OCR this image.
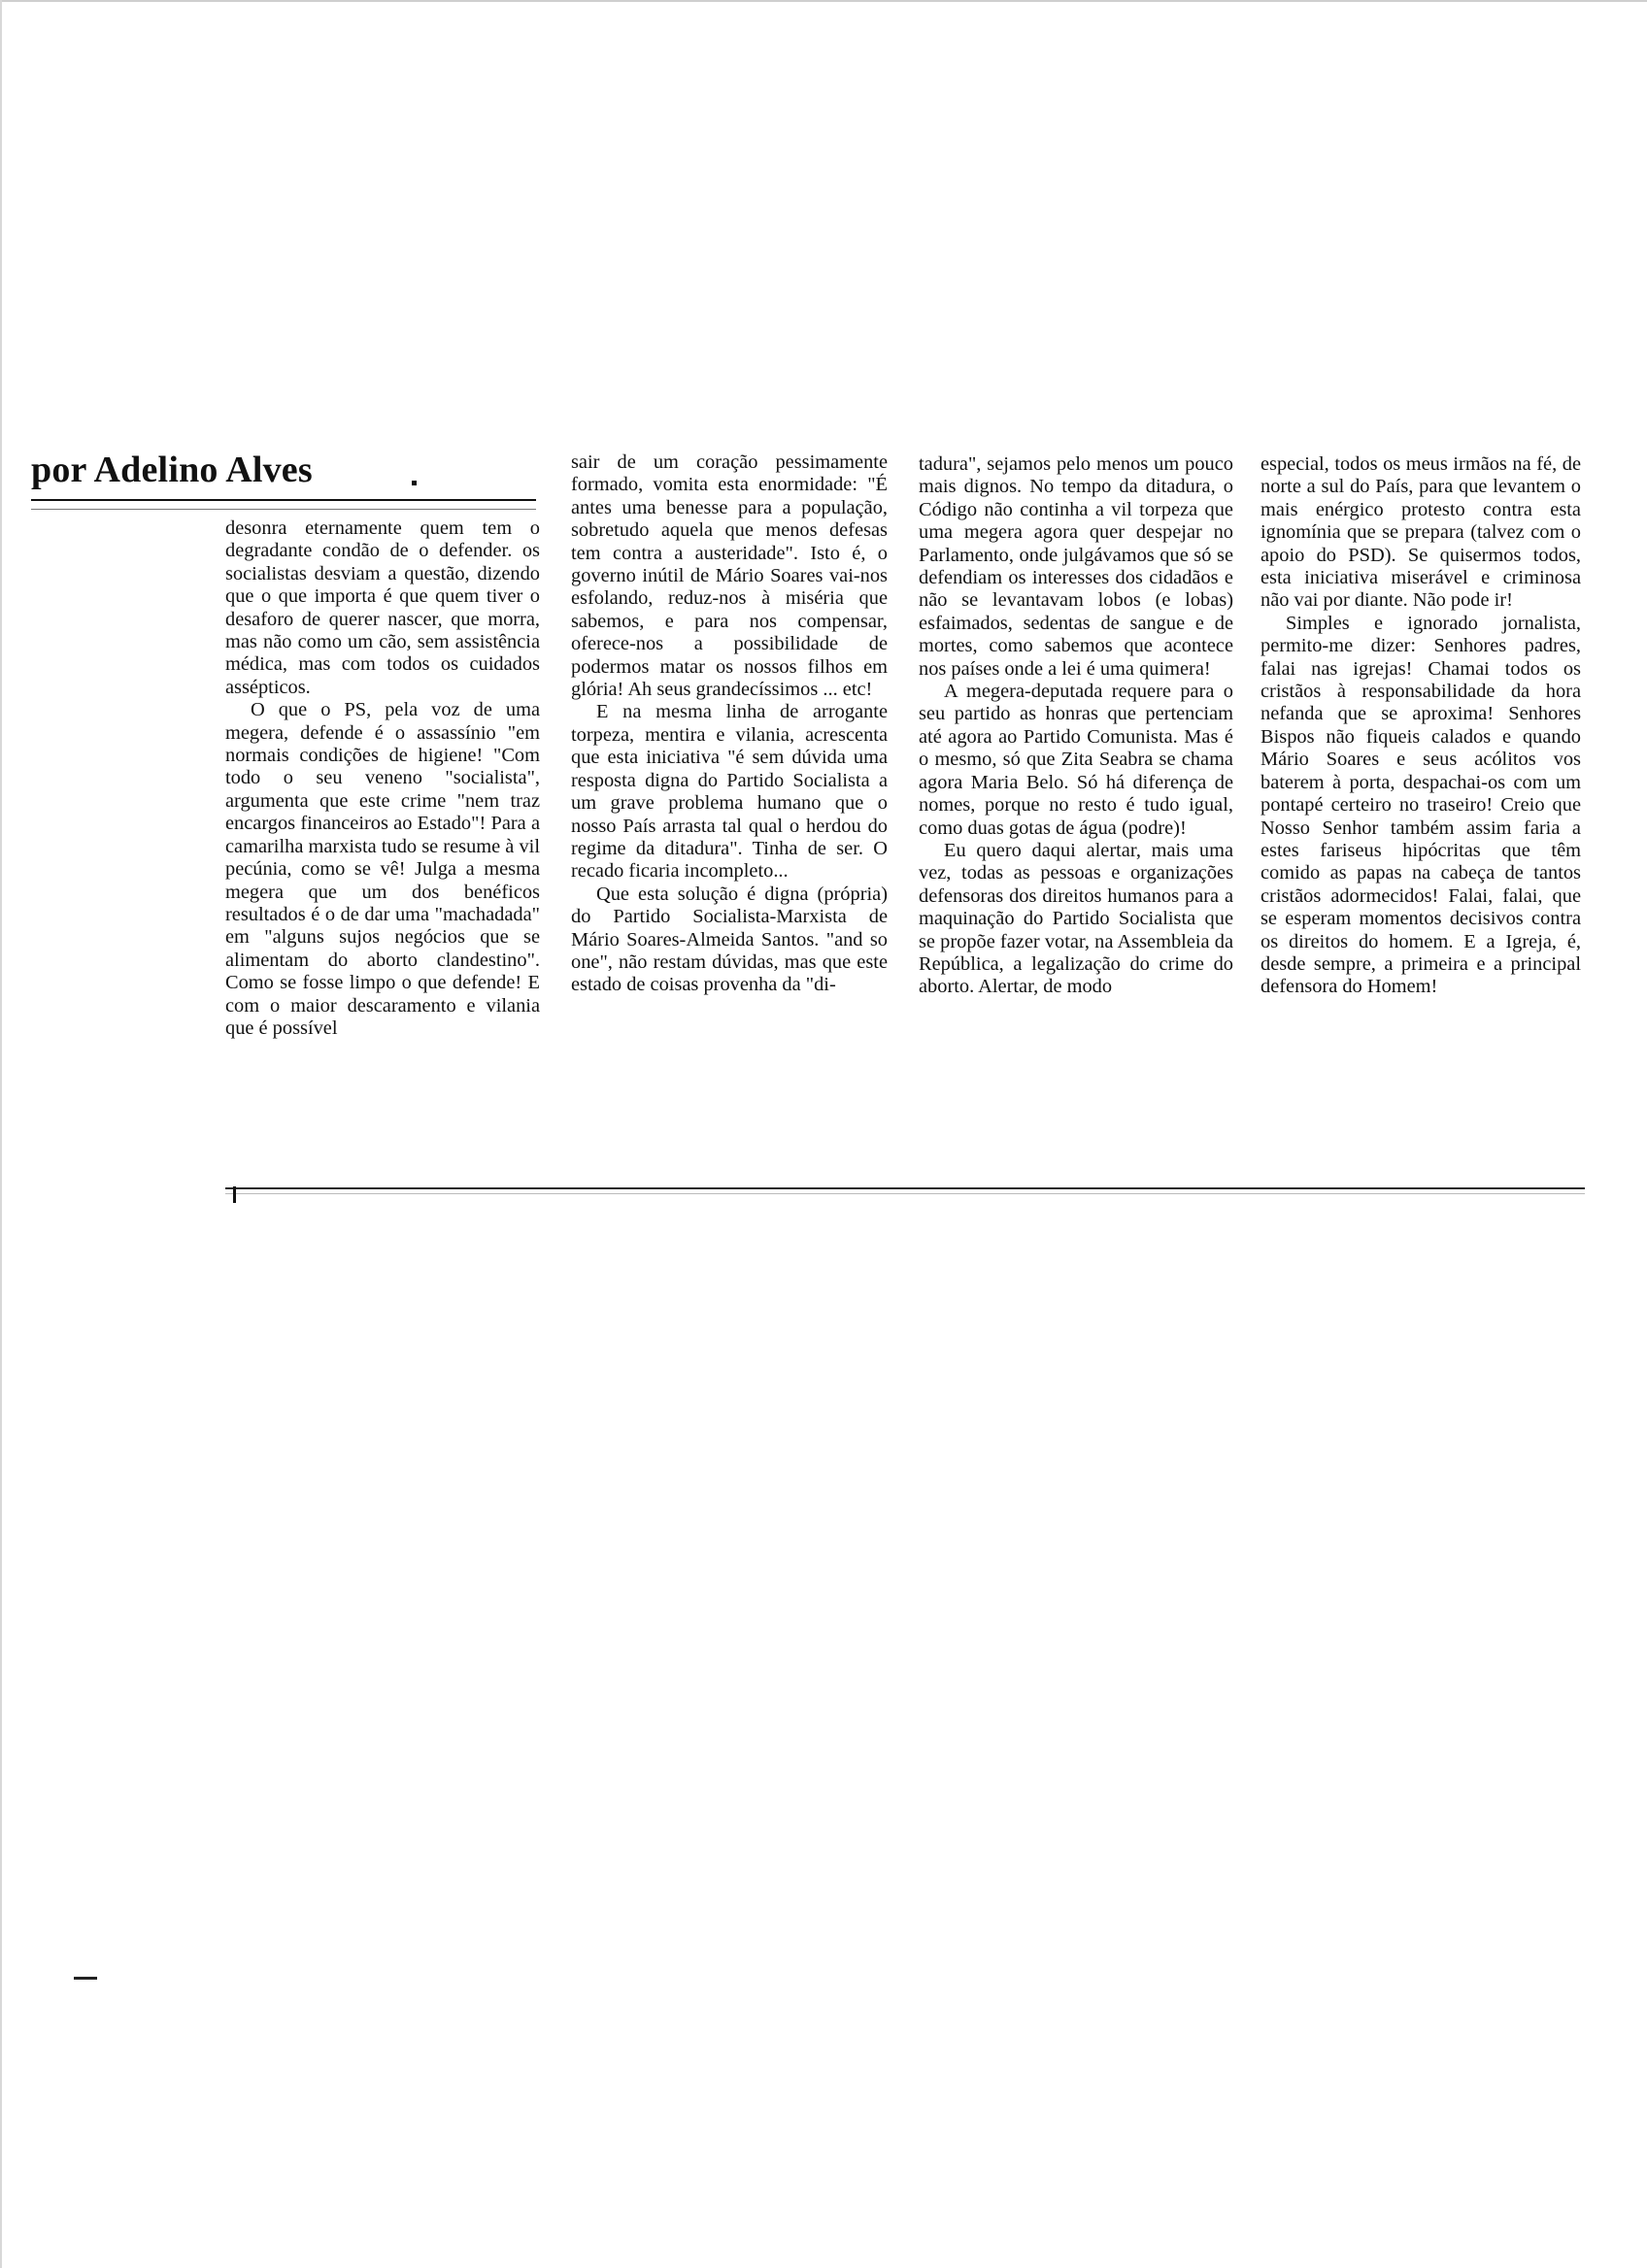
por Adelino Alves

desonra eternamente quem tem o degradante condão de o defender. os socialistas desviam a questão, dizendo que o que importa é que quem tiver o desaforo de querer nascer, que morra, mas não como um cão, sem assistência médica, mas com todos os cuidados assépticos.

O que o PS, pela voz de uma megera, defende é o assassínio "em normais condições de higiene! "Com todo o seu veneno "socialista", argumenta que este crime "nem traz encargos financeiros ao Estado"! Para a camarilha marxista tudo se resume à vil pecúnia, como se vê! Julga a mesma megera que um dos benéficos resultados é o de dar uma "machadada" em "alguns sujos negócios que se alimentam do aborto clandestino". Como se fosse limpo o que defende! E com o maior descaramento e vilania que é possível

sair de um coração pessimamente formado, vomita esta enormidade: "É antes uma benesse para a população, sobretudo aquela que menos defesas tem contra a austeridade". Isto é, o governo inútil de Mário Soares vai-nos esfolando, reduz-nos à miséria que sabemos, e para nos compensar, oferece-nos a possibilidade de podermos matar os nossos filhos em glória! Ah seus grandecíssimos ... etc!

E na mesma linha de arrogante torpeza, mentira e vilania, acrescenta que esta iniciativa "é sem dúvida uma resposta digna do Partido Socialista a um grave problema humano que o nosso País arrasta tal qual o herdou do regime da ditadura". Tinha de ser. O recado ficaria incompleto...

Que esta solução é digna (própria) do Partido Socialista-Marxista de Mário Soares-Almeida Santos. "and so one", não restam dúvidas, mas que este estado de coisas provenha da "di-

tadura", sejamos pelo menos um pouco mais dignos. No tempo da ditadura, o Código não continha a vil torpeza que uma megera agora quer despejar no Parlamento, onde julgávamos que só se defendiam os interesses dos cidadãos e não se levantavam lobos (e lobas) esfaimados, sedentas de sangue e de mortes, como sabemos que acontece nos países onde a lei é uma quimera!

A megera-deputada requere para o seu partido as honras que pertenciam até agora ao Partido Comunista. Mas é o mesmo, só que Zita Seabra se chama agora Maria Belo. Só há diferença de nomes, porque no resto é tudo igual, como duas gotas de água (podre)!

Eu quero daqui alertar, mais uma vez, todas as pessoas e organizações defensoras dos direitos humanos para a maquinação do Partido Socialista que se propõe fazer votar, na Assembleia da República, a legalização do crime do aborto. Alertar, de modo

especial, todos os meus irmãos na fé, de norte a sul do País, para que levantem o mais enérgico protesto contra esta ignomínia que se prepara (talvez com o apoio do PSD). Se quisermos todos, esta iniciativa miserável e criminosa não vai por diante. Não pode ir!

Simples e ignorado jornalista, permito-me dizer: Senhores padres, falai nas igrejas! Chamai todos os cristãos à responsabilidade da hora nefanda que se aproxima! Senhores Bispos não fiqueis calados e quando Mário Soares e seus acólitos vos baterem à porta, despachai-os com um pontapé certeiro no traseiro! Creio que Nosso Senhor também assim faria a estes fariseus hipócritas que têm comido as papas na cabeça de tantos cristãos adormecidos! Falai, falai, que se esperam momentos decisivos contra os direitos do homem. E a Igreja, é, desde sempre, a primeira e a principal defensora do Homem!
